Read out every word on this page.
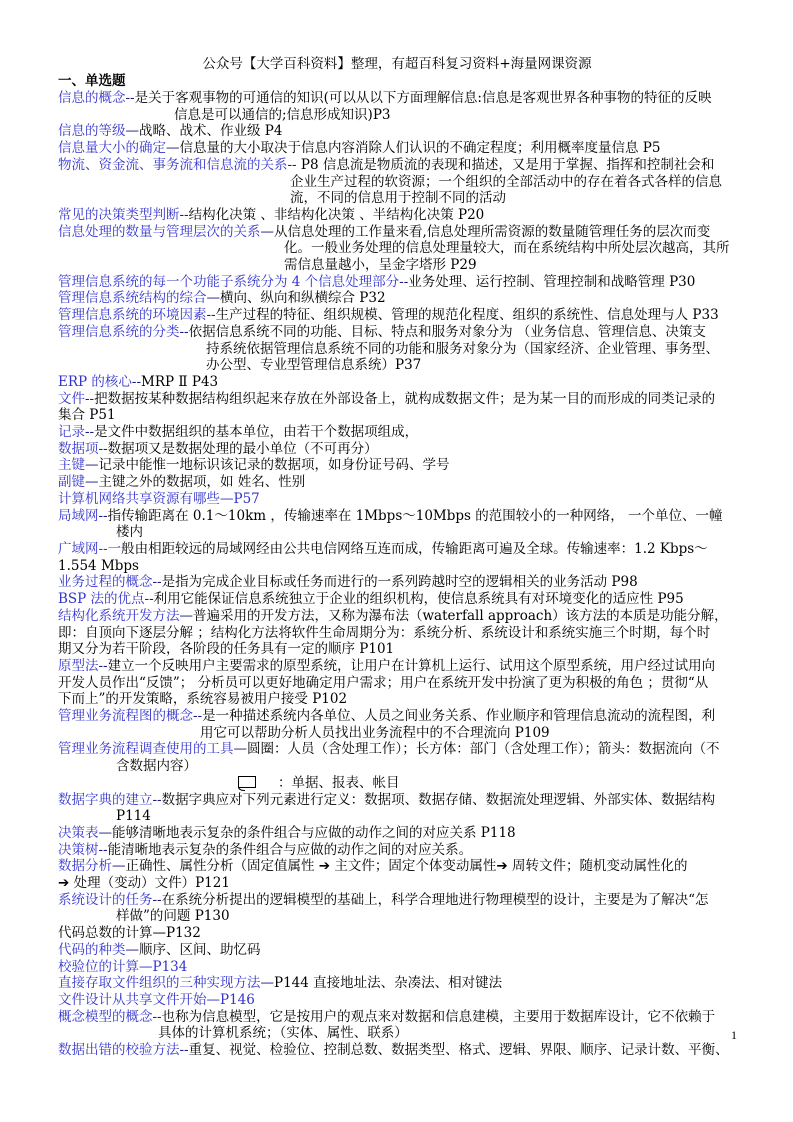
公众号【大学百科资料】整理，有超百科复习资料+海量网课资源
一、单选题
信息的概念--是关于客观事物的可通信的知识(可以从以下方面理解信息:信息是客观世界各种事物的特征的反映
信息是可以通信的;信息形成知识)P3
信息的等级—战略、战术、作业级 P4
信息量大小的确定—信息量的大小取决于信息内容消除人们认识的不确定程度；利用概率度量信息 P5
物流、资金流、事务流和信息流的关系-- P8 信息流是物质流的表现和描述，又是用于掌握、指挥和控制社会和
企业生产过程的软资源；一个组织的全部活动中的存在着各式各样的信息
流，不同的信息用于控制不同的活动
常见的决策类型判断--结构化决策 、非结构化决策 、半结构化决策 P20
信息处理的数量与管理层次的关系—从信息处理的工作量来看,信息处理所需资源的数量随管理任务的层次而变
化。一般业务处理的信息处理量较大，而在系统结构中所处层次越高，其所
需信息量越小，呈金字塔形 P29
管理信息系统的每一个功能子系统分为 4 个信息处理部分--业务处理、运行控制、管理控制和战略管理 P30
管理信息系统结构的综合—横向、纵向和纵横综合 P32
管理信息系统的环境因素--生产过程的特征、组织规模、管理的规范化程度、组织的系统性、信息处理与人 P33
管理信息系统的分类--依据信息系统不同的功能、目标、特点和服务对象分为 （业务信息、管理信息、决策支
持系统依据管理信息系统不同的功能和服务对象分为（国家经济、企业管理、事务型、
办公型、专业型管理信息系统）P37
ERP 的核心--MRP Ⅱ P43
文件--把数据按某种数据结构组织起来存放在外部设备上，就构成数据文件；是为某一目的而形成的同类记录的
集合 P51
记录--是文件中数据组织的基本单位，由若干个数据项组成，
数据项--数据项又是数据处理的最小单位（不可再分）
主键—记录中能惟一地标识该记录的数据项，如身份证号码、学号
副键—主键之外的数据项，如 姓名、性别
计算机网络共享资源有哪些—P57
局域网--指传输距离在 0.1～10km ，传输速率在 1Mbps～10Mbps 的范围较小的一种网络， 一个单位、一幢
楼内
广域网--一般由相距较远的局域网经由公共电信网络互连而成，传输距离可遍及全球。传输速率：1.2 Kbps～
1.554 Mbps
业务过程的概念--是指为完成企业目标或任务而进行的一系列跨越时空的逻辑相关的业务活动 P98
BSP 法的优点--利用它能保证信息系统独立于企业的组织机构，使信息系统具有对环境变化的适应性 P95
结构化系统开发方法—普遍采用的开发方法，又称为瀑布法（waterfall approach）该方法的本质是功能分解，
即：自顶向下逐层分解 ；结构化方法将软件生命周期分为：系统分析、系统设计和系统实施三个时期，每个时
期又分为若干阶段，各阶段的任务具有一定的顺序 P101
原型法--建立一个反映用户主要需求的原型系统，让用户在计算机上运行、试用这个原型系统，用户经过试用向
开发人员作出“反馈”； 分析员可以更好地确定用户需求；用户在系统开发中扮演了更为积极的角色 ；贯彻“从
下而上”的开发策略，系统容易被用户接受 P102
管理业务流程图的概念--是一种描述系统内各单位、人员之间业务关系、作业顺序和管理信息流动的流程图，利
用它可以帮助分析人员找出业务流程中的不合理流向 P109
管理业务流程调查使用的工具—圆圈：人员（含处理工作）；长方体：部门（含处理工作）；箭头：数据流向（不
含数据内容）
：单据、报表、帐目
数据字典的建立--数据字典应对下列元素进行定义：数据项、数据存储、数据流处理逻辑、外部实体、数据结构
P114
决策表—能够清晰地表示复杂的条件组合与应做的动作之间的对应关系 P118
决策树--能清晰地表示复杂的条件组合与应做的动作之间的对应关系。
数据分析—正确性、属性分析（固定值属性 ➔ 主文件；固定个体变动属性➔ 周转文件；随机变动属性化的
➔ 处理（变动）文件）P121
系统设计的任务--在系统分析提出的逻辑模型的基础上，科学合理地进行物理模型的设计，主要是为了解决“怎
样做”的问题 P130
代码总数的计算—P132
代码的种类—顺序、区间、助忆码
校验位的计算—P134
直接存取文件组织的三种实现方法—P144 直接地址法、杂凑法、相对键法
文件设计从共享文件开始—P146
概念模型的概念--也称为信息模型，它是按用户的观点来对数据和信息建模，主要用于数据库设计，它不依赖于
具体的计算机系统；（实体、属性、联系）
数据出错的校验方法--重复、视觉、检验位、控制总数、数据类型、格式、逻辑、界限、顺序、记录计数、平衡、
1
